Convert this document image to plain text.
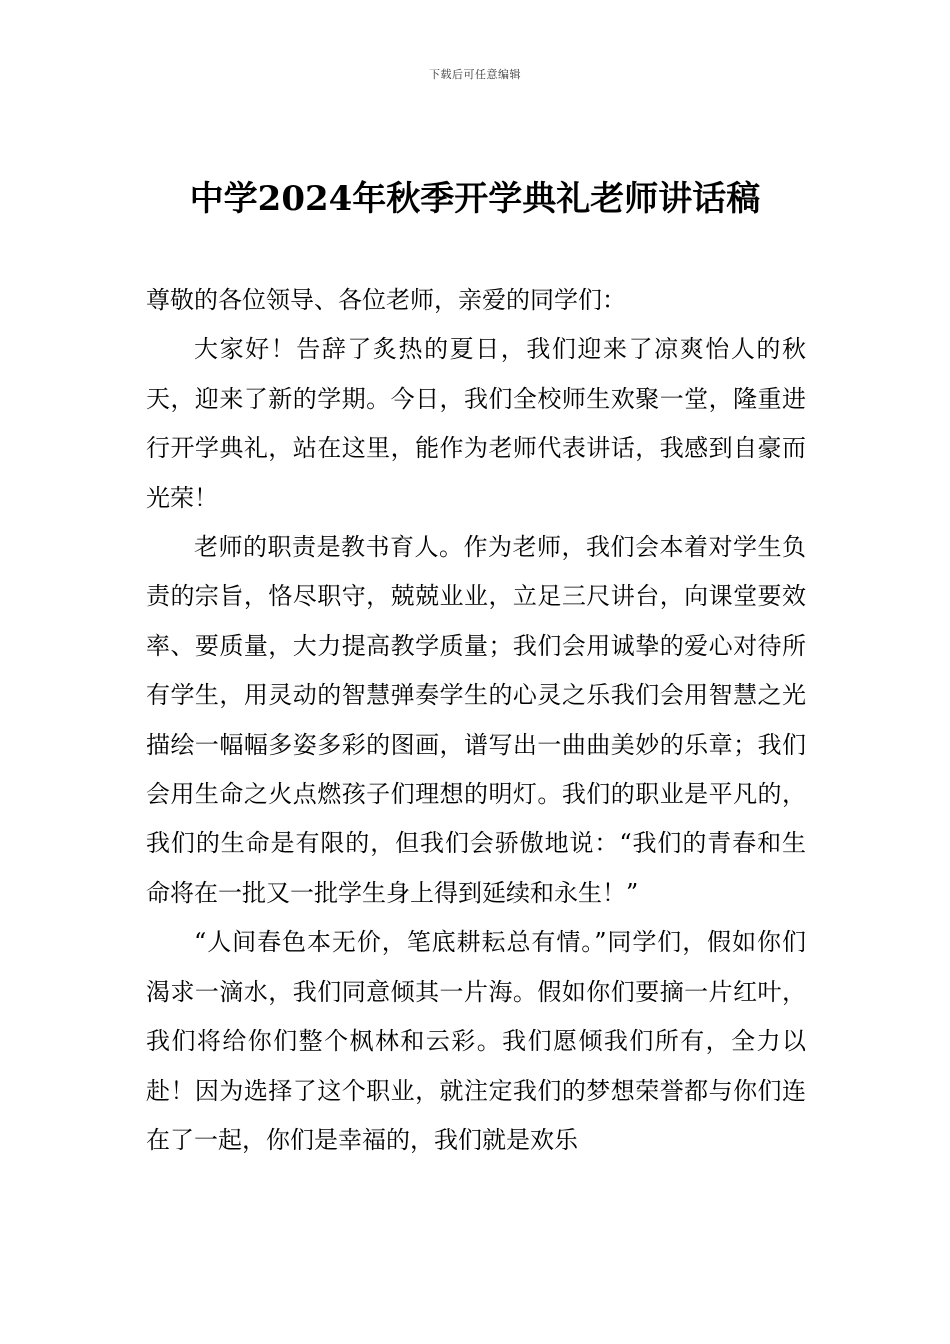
下载后可任意编辑
中学2024年秋季开学典礼老师讲话稿

尊敬的各位领导、各位老师，亲爱的同学们：

大家好！告辞了炙热的夏日，我们迎来了凉爽怡人的秋天，迎来了新的学期。今日，我们全校师生欢聚一堂，隆重进行开学典礼，站在这里，能作为老师代表讲话，我感到自豪而光荣！

老师的职责是教书育人。作为老师，我们会本着对学生负责的宗旨，恪尽职守，兢兢业业，立足三尺讲台，向课堂要效率、要质量，大力提高教学质量；我们会用诚挚的爱心对待所有学生，用灵动的智慧弹奏学生的心灵之乐我们会用智慧之光描绘一幅幅多姿多彩的图画，谱写出一曲曲美妙的乐章；我们会用生命之火点燃孩子们理想的明灯。我们的职业是平凡的，我们的生命是有限的，但我们会骄傲地说：“我们的青春和生命将在一批又一批学生身上得到延续和永生！”

“人间春色本无价，笔底耕耘总有情。”同学们，假如你们渴求一滴水，我们同意倾其一片海。假如你们要摘一片红叶，我们将给你们整个枫林和云彩。我们愿倾我们所有，全力以赴！因为选择了这个职业，就注定我们的梦想荣誉都与你们连在了一起，你们是幸福的，我们就是欢乐
